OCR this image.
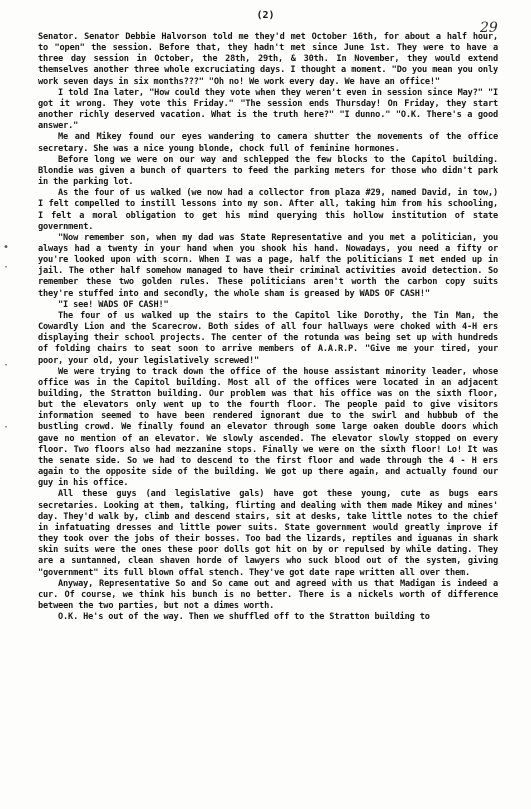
(2)
29
•
·
·
·

Senator. Senator Debbie Halvorson told me they'd met October 16th, for about a half hour, to "open" the session. Before that, they hadn't met since June 1st. They were to have a three day session in October, the 28th, 29th, & 30th. In November, they would extend themselves another three whole excruciating days. I thought a moment. "Do you mean you only work seven days in six months???" "Oh no! We work every day. We have an office!"

I told Ina later, "How could they vote when they weren't even in session since May?" "I got it wrong. They vote this Friday." "The session ends Thursday! On Friday, they start another richly deserved vacation. What is the truth here?" "I dunno." "O.K. There's a good answer."

Me and Mikey found our eyes wandering to camera shutter the movements of the office secretary. She was a nice young blonde, chock full of feminine hormones.

Before long we were on our way and schlepped the few blocks to the Capitol building. Blondie was given a bunch of quarters to feed the parking meters for those who didn't park in the parking lot.

As the four of us walked (we now had a collector from plaza #29, named David, in tow,) I felt compelled to instill lessons into my son. After all, taking him from his schooling, I felt a moral obligation to get his mind querying this hollow institution of state government.

"Now remember son, when my dad was State Representative and you met a politician, you always had a twenty in your hand when you shook his hand. Nowadays, you need a fifty or you're looked upon with scorn. When I was a page, half the politicians I met ended up in jail. The other half somehow managed to have their criminal activities avoid detection. So remember these two golden rules. These politicians aren't worth the carbon copy suits they're stuffed into and secondly, the whole sham is greased by WADS OF CASH!"

"I see! WADS OF CASH!"

The four of us walked up the stairs to the Capitol like Dorothy, the Tin Man, the Cowardly Lion and the Scarecrow. Both sides of all four hallways were choked with 4-H ers displaying their school projects. The center of the rotunda was being set up with hundreds of folding chairs to seat soon to arrive members of A.A.R.P. "Give me your tired, your poor, your old, your legislatively screwed!"

We were trying to track down the office of the house assistant minority leader, whose office was in the Capitol building. Most all of the offices were located in an adjacent building, the Stratton building. Our problem was that his office was on the sixth floor, but the elevators only went up to the fourth floor. The people paid to give visitors information seemed to have been rendered ignorant due to the swirl and hubbub of the bustling crowd. We finally found an elevator through some large oaken double doors which gave no mention of an elevator. We slowly ascended. The elevator slowly stopped on every floor. Two floors also had mezzanine stops. Finally we were on the sixth floor! Lo! It was the senate side. So we had to descend to the first floor and wade through the 4 - H ers again to the opposite side of the building. We got up there again, and actually found our guy in his office.

All these guys (and legislative gals) have got these young, cute as bugs ears secretaries. Looking at them, talking, flirting and dealing with them made Mikey and mines' day. They'd walk by, climb and descend stairs, sit at desks, take little notes to the chief in infatuating dresses and little power suits. State government would greatly improve if they took over the jobs of their bosses. Too bad the lizards, reptiles and iguanas in shark skin suits were the ones these poor dolls got hit on by or repulsed by while dating. They are a suntanned, clean shaven horde of lawyers who suck blood out of the system, giving "government" its full blown offal stench. They've got date rape written all over them.

Anyway, Representative So and So came out and agreed with us that Madigan is indeed a cur. Of course, we think his bunch is no better. There is a nickels worth of difference between the two parties, but not a dimes worth.

O.K. He's out of the way. Then we shuffled off to the Stratton building to
